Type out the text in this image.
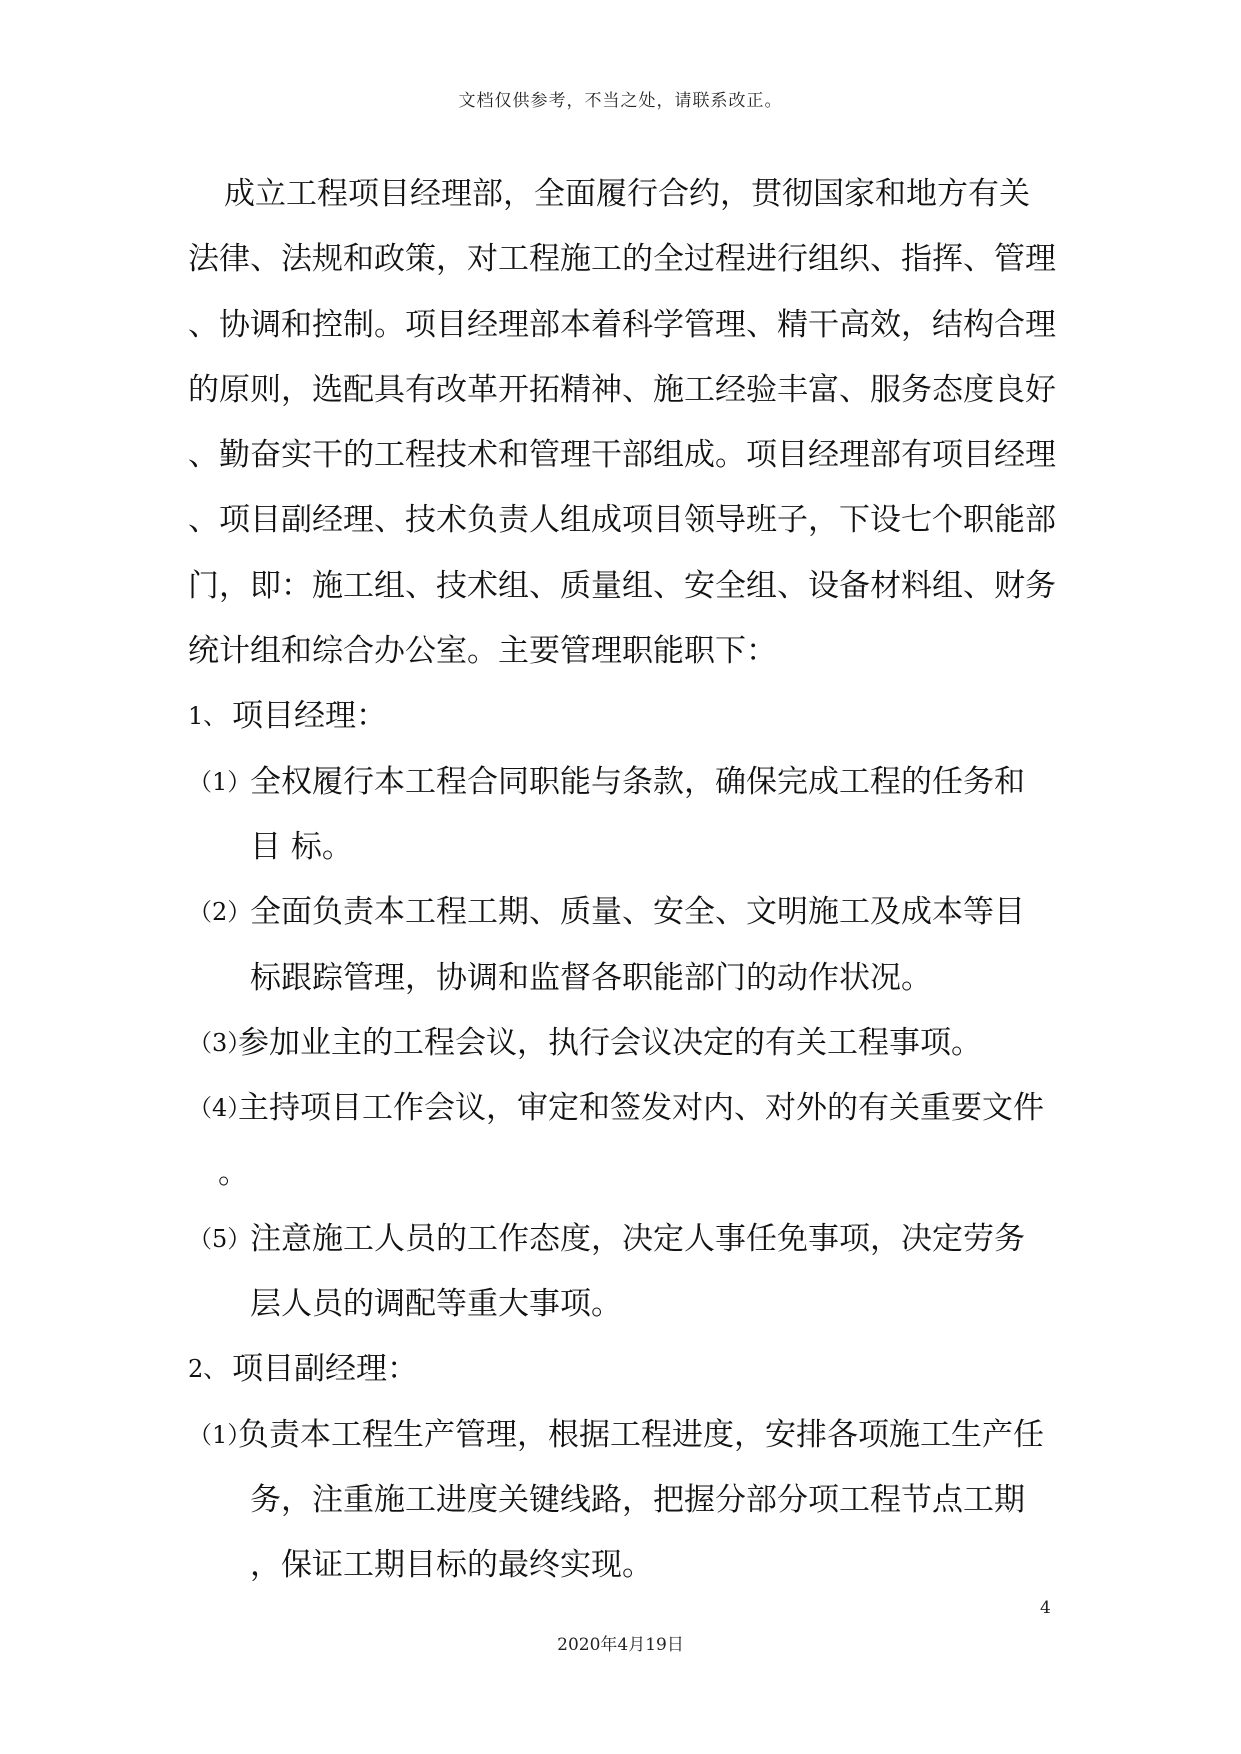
文档仅供参考，不当之处，请联系改正。
成立工程项目经理部，全面履行合约，贯彻国家和地方有关
法律、法规和政策，对工程施工的全过程进行组织、指挥、管理
、协调和控制。项目经理部本着科学管理、精干高效，结构合理
的原则，选配具有改革开拓精神、施工经验丰富、服务态度良好
、勤奋实干的工程技术和管理干部组成。项目经理部有项目经理
、项目副经理、技术负责人组成项目领导班子，下设七个职能部
门，即：施工组、技术组、质量组、安全组、设备材料组、财务
统计组和综合办公室。主要管理职能职下：
1、 项目经理：
（1）
全权履行本工程合同职能与条款，确保完成工程的任务和
目 标。
（2）
全面负责本工程工期、质量、安全、文明施工及成本等目
标跟踪管理，协调和监督各职能部门的动作状况。
（3）
参加业主的工程会议，执行会议决定的有关工程事项。
（4）
主持项目工作会议，审定和签发对内、对外的有关重要文件
。
（5）
注意施工人员的工作态度，决定人事任免事项，决定劳务
层人员的调配等重大事项。
2、 项目副经理：
（1）
负责本工程生产管理，根据工程进度，安排各项施工生产任
务，注重施工进度关键线路，把握分部分项工程节点工期
，保证工期目标的最终实现。
4
2020年4月19日
